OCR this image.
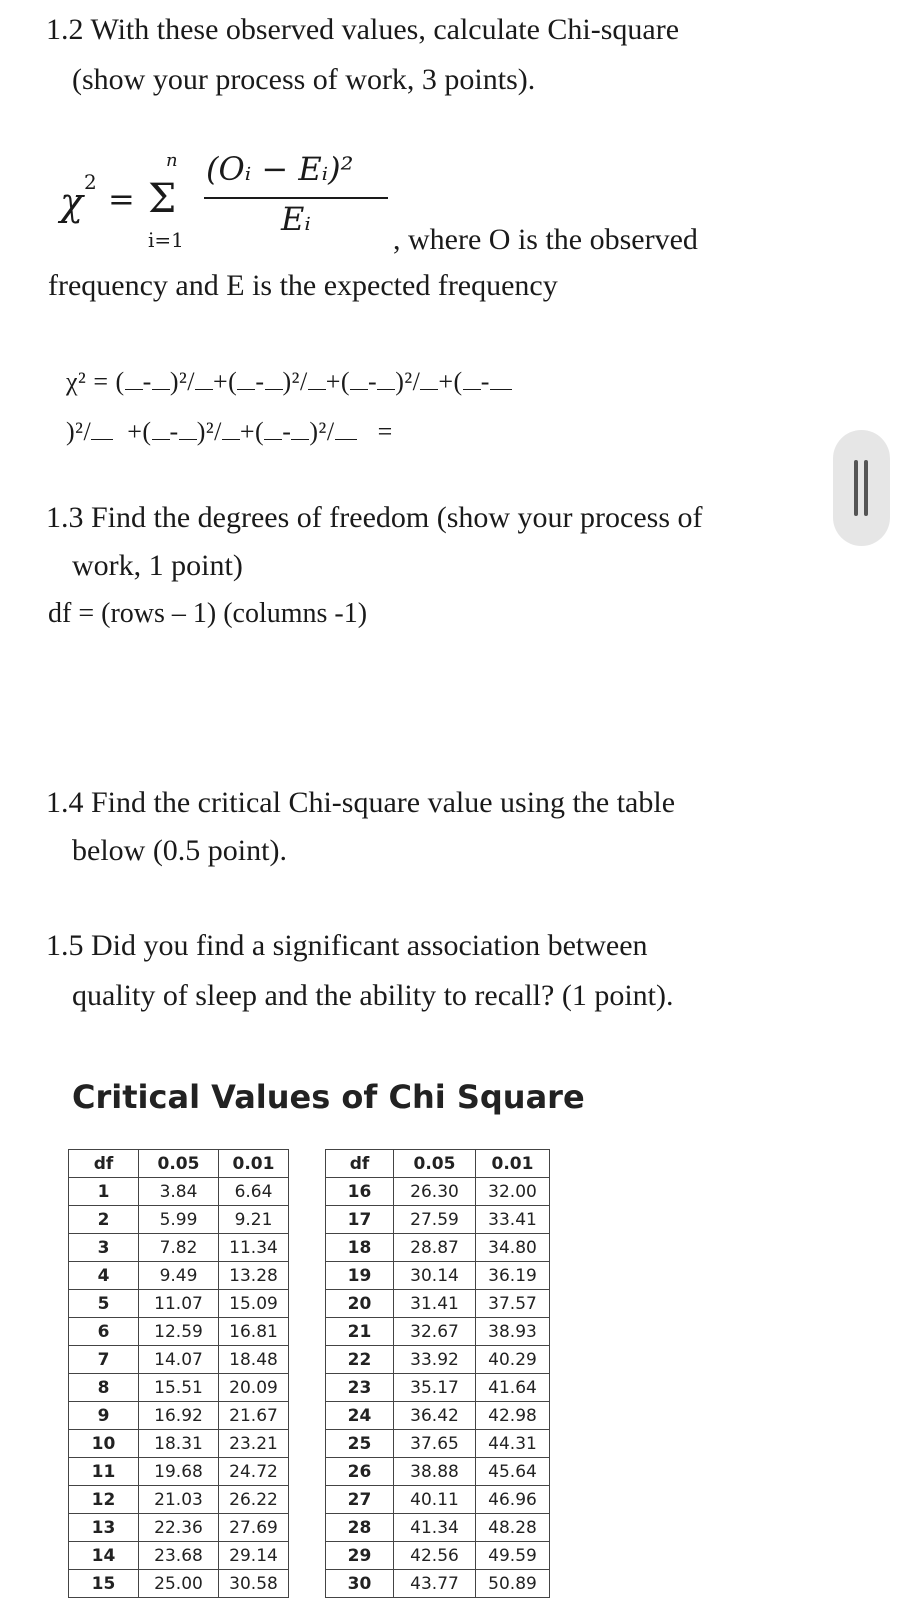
1.2 With these observed values, calculate Chi-square
(show your process of work, 3 points).
χ 2 = Σ
n
i=1
(Oᵢ − Eᵢ)²
Eᵢ
, where O is the observed
frequency and E is the expected frequency
χ² = ( - )²/ +( - )²/ +( - )²/ +( -
)²/  +( - )²/ +( - )²/ =
1.3 Find the degrees of freedom (show your process of
work, 1 point)
df = (rows – 1) (columns -1)
1.4 Find the critical Chi-square value using the table
below (0.5 point).
1.5 Did you find a significant association between
quality of sleep and the ability to recall? (1 point).
Critical Values of Chi Square
df	0.05	0.01
1	3.84	6.64
2	5.99	9.21
3	7.82	11.34
4	9.49	13.28
5	11.07	15.09
6	12.59	16.81
7	14.07	18.48
8	15.51	20.09
9	16.92	21.67
10	18.31	23.21
11	19.68	24.72
12	21.03	26.22
13	22.36	27.69
14	23.68	29.14
15	25.00	30.58
df	0.05	0.01
16	26.30	32.00
17	27.59	33.41
18	28.87	34.80
19	30.14	36.19
20	31.41	37.57
21	32.67	38.93
22	33.92	40.29
23	35.17	41.64
24	36.42	42.98
25	37.65	44.31
26	38.88	45.64
27	40.11	46.96
28	41.34	48.28
29	42.56	49.59
30	43.77	50.89
